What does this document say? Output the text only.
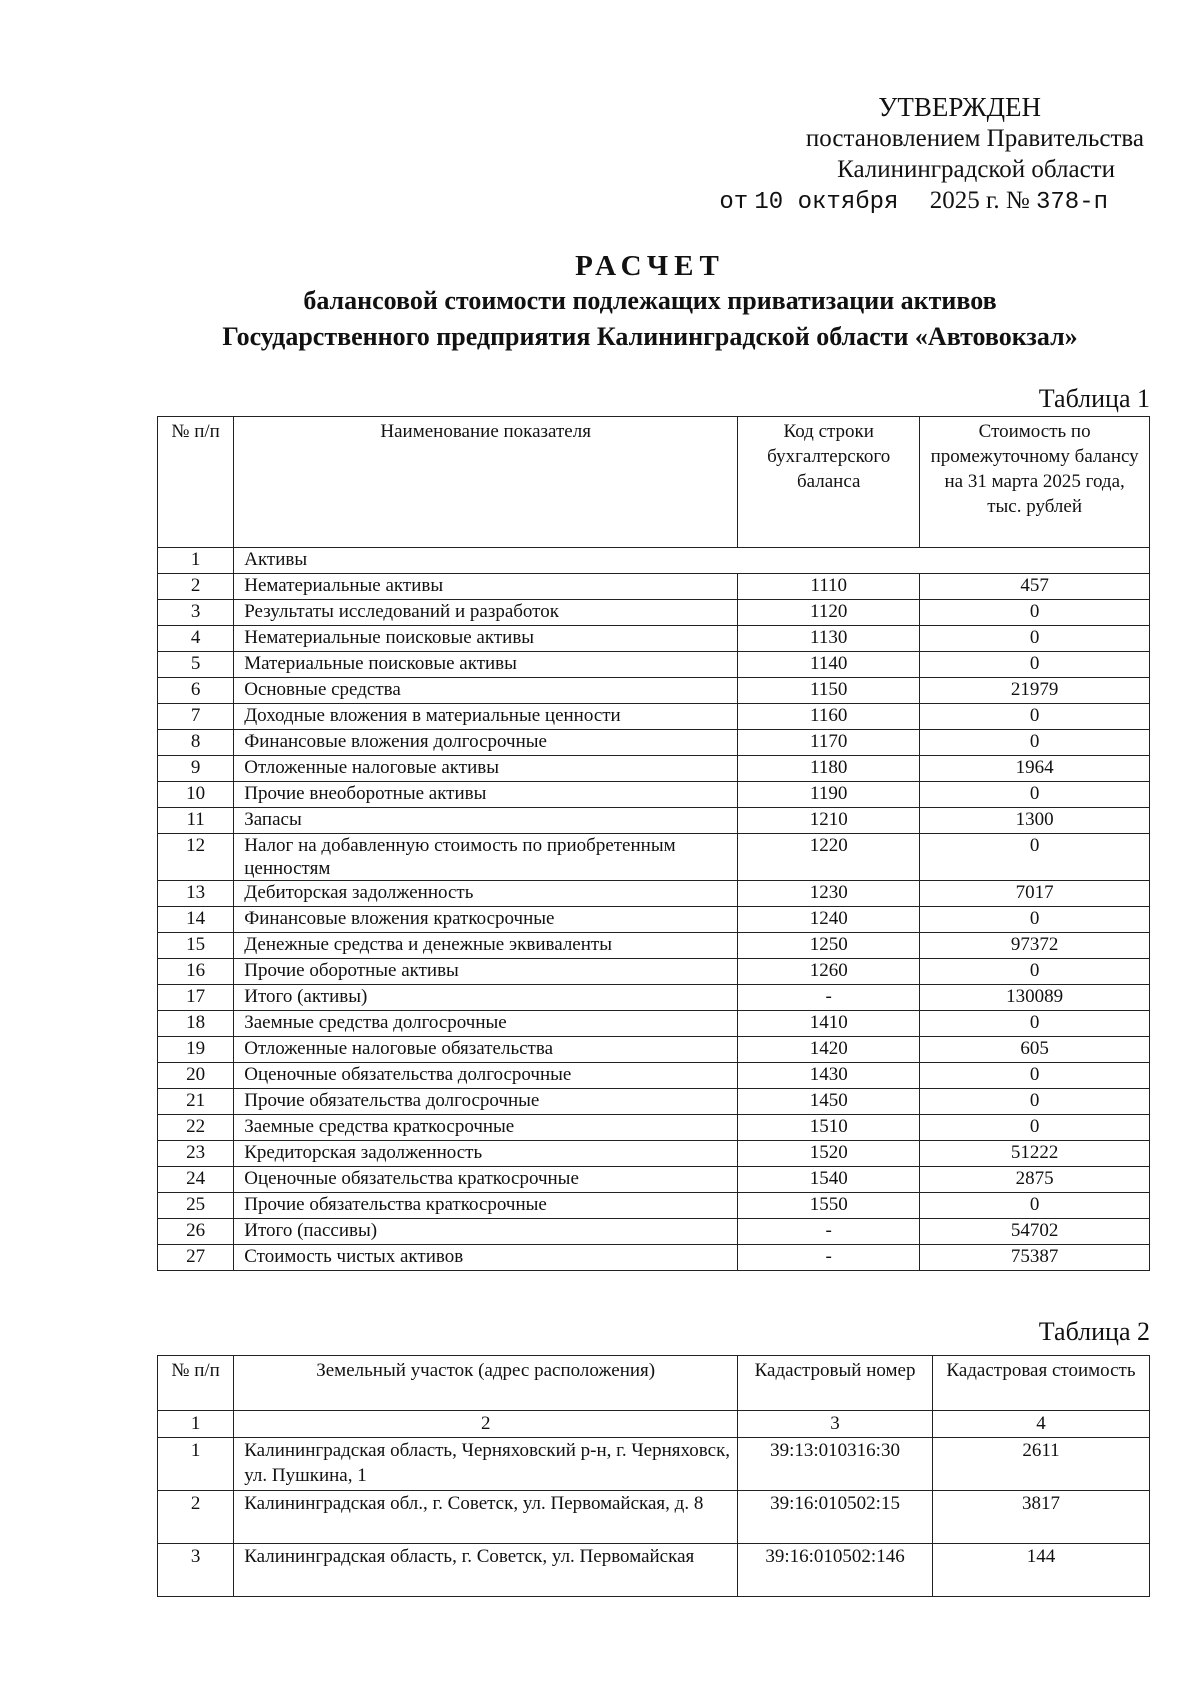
УТВЕРЖДЕН
постановлением Правительства
Калининградской области
от 10 октября 2025 г. № 378-п
РАСЧЕТ
балансовой стоимости подлежащих приватизации активов
Государственного предприятия Калининградской области «Автовокзал»
Таблица 1
№ п/п	Наименование показателя	Код строки бухгалтерского баланса	Стоимость по промежуточному балансу на 31 марта 2025 года, тыс. рублей
1	Активы		
2	Нематериальные активы	1110	457
3	Результаты исследований и разработок	1120	0
4	Нематериальные поисковые активы	1130	0
5	Материальные поисковые активы	1140	0
6	Основные средства	1150	21979
7	Доходные вложения в материальные ценности	1160	0
8	Финансовые вложения долгосрочные	1170	0
9	Отложенные налоговые активы	1180	1964
10	Прочие внеоборотные активы	1190	0
11	Запасы	1210	1300
12	Налог на добавленную стоимость по приобретенным ценностям	1220	0
13	Дебиторская задолженность	1230	7017
14	Финансовые вложения краткосрочные	1240	0
15	Денежные средства и денежные эквиваленты	1250	97372
16	Прочие оборотные активы	1260	0
17	Итого (активы)	-	130089
18	Заемные средства долгосрочные	1410	0
19	Отложенные налоговые обязательства	1420	605
20	Оценочные обязательства долгосрочные	1430	0
21	Прочие обязательства долгосрочные	1450	0
22	Заемные средства краткосрочные	1510	0
23	Кредиторская задолженность	1520	51222
24	Оценочные обязательства краткосрочные	1540	2875
25	Прочие обязательства краткосрочные	1550	0
26	Итого (пассивы)	-	54702
27	Стоимость чистых активов	-	75387
Таблица 2
№ п/п	Земельный участок (адрес расположения)	Кадастровый номер	Кадастровая стоимость
1	2	3	4
1	Калининградская область, Черняховский р-н, г. Черняховск, ул. Пушкина, 1	39:13:010316:30	2611
2	Калининградская обл., г. Советск, ул. Первомайская, д. 8	39:16:010502:15	3817
3	Калининградская область, г. Советск, ул. Первомайская	39:16:010502:146	144
